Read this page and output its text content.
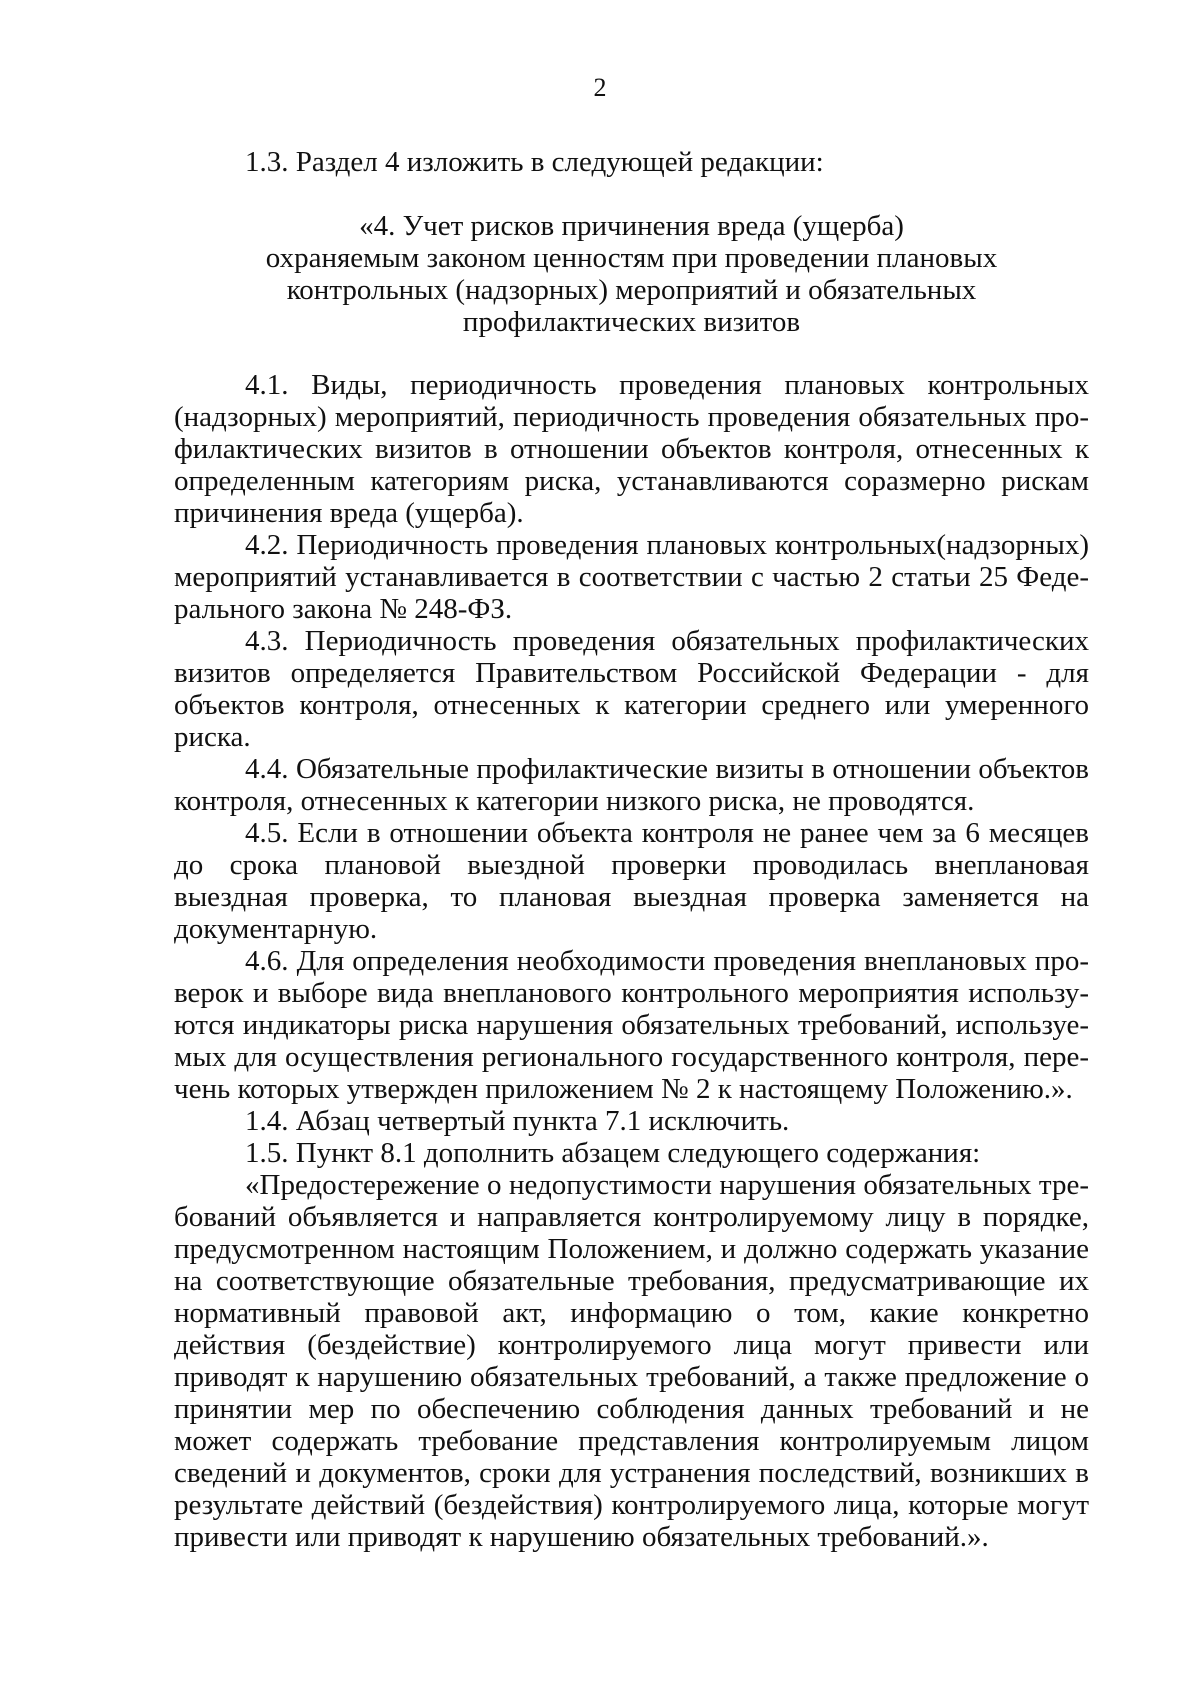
2

1.3. Раздел 4 изложить в следующей редакции:

«4. Учет рисков причинения вреда (ущерба)
охраняемым законом ценностям при проведении плановых
контрольных (надзорных) мероприятий и обязательных
профилактических визитов

4.1. Виды, периодичность проведения плановых контрольных (надзорных) мероприятий, периодичность проведения обязательных профилактических визитов в отношении объектов контроля, отнесенных к определенным категориям риска, устанавливаются соразмерно рискам причинения вреда (ущерба).

4.2. Периодичность проведения плановых контрольных(надзорных) мероприятий устанавливается в соответствии с частью 2 статьи 25 Федерального закона № 248-ФЗ.

4.3. Периодичность проведения обязательных профилактических визитов определяется Правительством Российской Федерации - для объектов контроля, отнесенных к категории среднего или умеренного риска.

4.4. Обязательные профилактические визиты в отношении объектов контроля, отнесенных к категории низкого риска, не проводятся.

4.5. Если в отношении объекта контроля не ранее чем за 6 месяцев до срока плановой выездной проверки проводилась внеплановая выездная проверка, то плановая выездная проверка заменяется на документарную.

4.6. Для определения необходимости проведения внеплановых проверок и выборе вида внепланового контрольного мероприятия используются индикаторы риска нарушения обязательных требований, используемых для осуществления регионального государственного контроля, перечень которых утвержден приложением № 2 к настоящему Положению.».

1.4. Абзац четвертый пункта 7.1 исключить.

1.5. Пункт 8.1 дополнить абзацем следующего содержания:

«Предостережение о недопустимости нарушения обязательных требований объявляется и направляется контролируемому лицу в порядке, предусмотренном настоящим Положением, и должно содержать указание на соответствующие обязательные требования, предусматривающие их нормативный правовой акт, информацию о том, какие конкретно действия (бездействие) контролируемого лица могут привести или приводят к нарушению обязательных требований, а также предложение о принятии мер по обеспечению соблюдения данных требований и не может содержать требование представления контролируемым лицом сведений и документов, сроки для устранения последствий, возникших в результате действий (бездействия) контролируемого лица, которые могут привести или приводят к нарушению обязательных требований.».
